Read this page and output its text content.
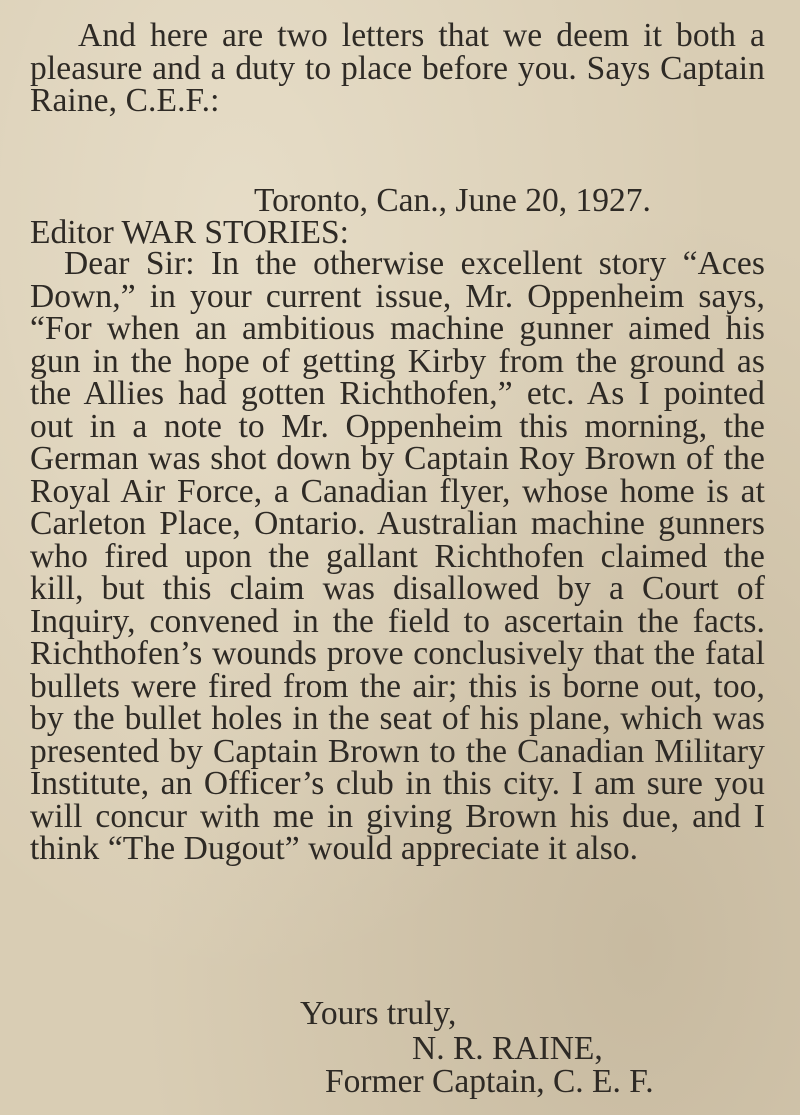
And here are two letters that we deem it both a pleasure and a duty to place before you. Says Captain Raine, C.E.F.:

Toronto, Can., June 20, 1927.
Editor WAR STORIES:

Dear Sir: In the otherwise excellent story “Aces Down,” in your current issue, Mr. Oppenheim says, “For when an ambitious machine gunner aimed his gun in the hope of getting Kirby from the ground as the Allies had gotten Richthofen,” etc. As I pointed out in a note to Mr. Oppenheim this morning, the German was shot down by Captain Roy Brown of the Royal Air Force, a Canadian flyer, whose home is at Carleton Place, Ontario. Australian machine gunners who fired upon the gallant Richthofen claimed the kill, but this claim was disallowed by a Court of Inquiry, convened in the field to ascertain the facts. Richthofen’s wounds prove conclusively that the fatal bullets were fired from the air; this is borne out, too, by the bullet holes in the seat of his plane, which was presented by Captain Brown to the Canadian Military Institute, an Officer’s club in this city. I am sure you will concur with me in giving Brown his due, and I think “The Dugout” would appreciate it also.

Yours truly,
N. R. RAINE,
Former Captain, C. E. F.
